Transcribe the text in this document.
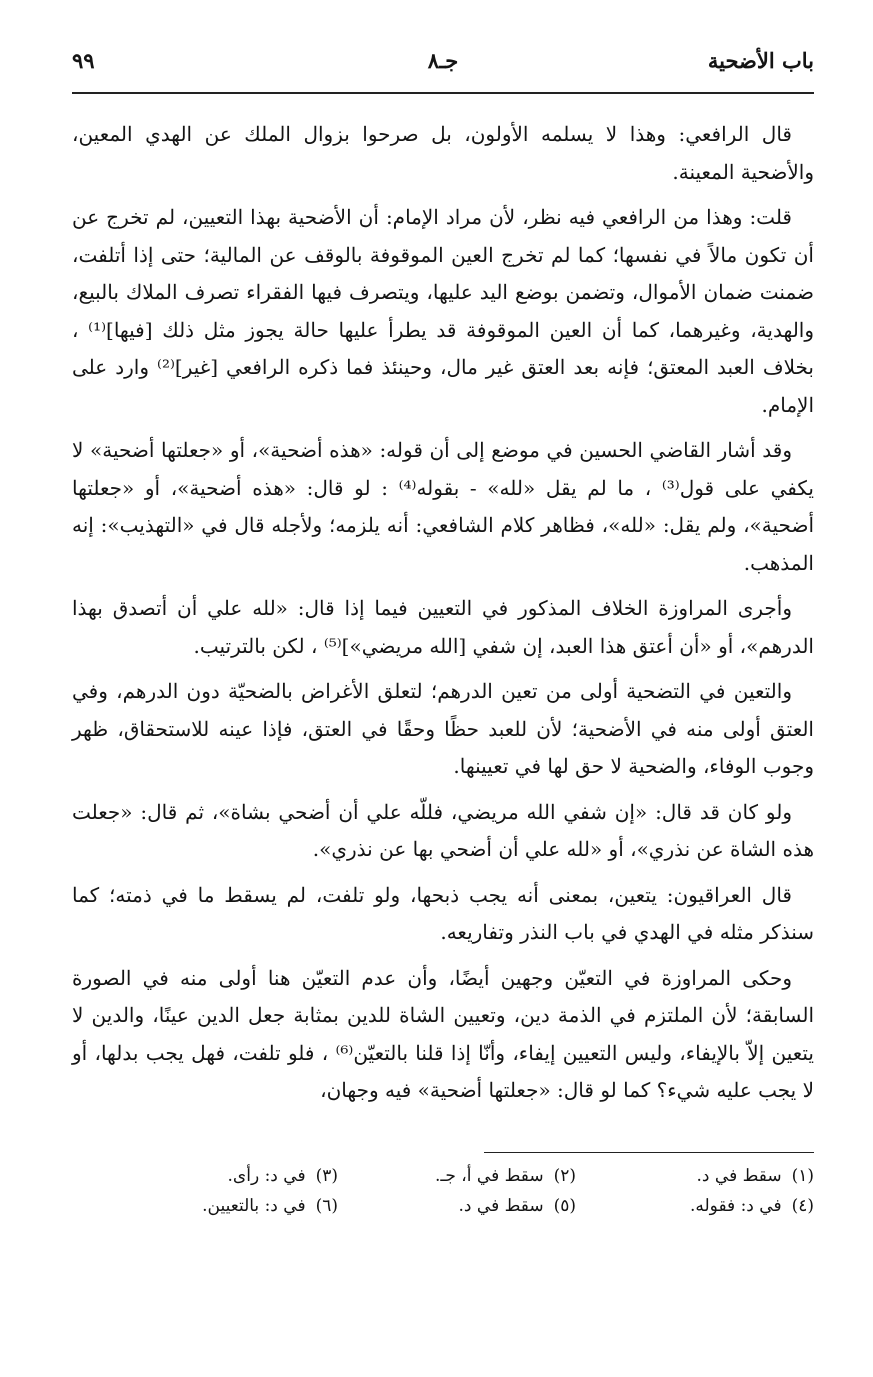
باب الأضحية
جـ٨
٩٩

قال الرافعي: وهذا لا يسلمه الأولون، بل صرحوا بزوال الملك عن الهدي المعين، والأضحية المعينة.

قلت: وهذا من الرافعي فيه نظر، لأن مراد الإمام: أن الأضحية بهذا التعيين، لم تخرج عن أن تكون مالاً في نفسها؛ كما لم تخرج العين الموقوفة بالوقف عن المالية؛ حتى إذا أتلفت، ضمنت ضمان الأموال، وتضمن بوضع اليد عليها، ويتصرف فيها الفقراء تصرف الملاك بالبيع، والهدية، وغيرهما، كما أن العين الموقوفة قد يطرأ عليها حالة يجوز مثل ذلك [فيها]⁽¹⁾ ، بخلاف العبد المعتق؛ فإنه بعد العتق غير مال، وحينئذ فما ذكره الرافعي [غير]⁽²⁾ وارد على الإمام.

وقد أشار القاضي الحسين في موضع إلى أن قوله: «هذه أضحية»، أو «جعلتها أضحية» لا يكفي على قول⁽³⁾ ، ما لم يقل «لله» - بقوله⁽⁴⁾ : لو قال: «هذه أضحية»، أو «جعلتها أضحية»، ولم يقل: «لله»، فظاهر كلام الشافعي: أنه يلزمه؛ ولأجله قال في «التهذيب»: إنه المذهب.

وأجرى المراوزة الخلاف المذكور في التعيين فيما إذا قال: «لله علي أن أتصدق بهذا الدرهم»، أو «أن أعتق هذا العبد، إن شفي [الله مريضي»]⁽⁵⁾ ، لكن بالترتيب.

والتعين في التضحية أولى من تعين الدرهم؛ لتعلق الأغراض بالضحيّة دون الدرهم، وفي العتق أولى منه في الأضحية؛ لأن للعبد حظًا وحقًا في العتق، فإذا عينه للاستحقاق، ظهر وجوب الوفاء، والضحية لا حق لها في تعيينها.

ولو كان قد قال: «إن شفي الله مريضي، فللّه علي أن أضحي بشاة»، ثم قال: «جعلت هذه الشاة عن نذري»، أو «لله علي أن أضحي بها عن نذري».

قال العراقيون: يتعين، بمعنى أنه يجب ذبحها، ولو تلفت، لم يسقط ما في ذمته؛ كما سنذكر مثله في الهدي في باب النذر وتفاريعه.

وحكى المراوزة في التعيّن وجهين أيضًا، وأن عدم التعيّن هنا أولى منه في الصورة السابقة؛ لأن الملتزم في الذمة دين، وتعيين الشاة للدين بمثابة جعل الدين عينًا، والدين لا يتعين إلاّ بالإيفاء، وليس التعيين إيفاء، وأنّا إذا قلنا بالتعيّن⁽⁶⁾ ، فلو تلفت، فهل يجب بدلها، أو لا يجب عليه شيء؟ كما لو قال: «جعلتها أضحية» فيه وجهان،

(١)سقط في د.
(٢)سقط في أ، جـ.
(٣)في د: رأى.
(٤)في د: فقوله.
(٥)سقط في د.
(٦)في د: بالتعيين.
